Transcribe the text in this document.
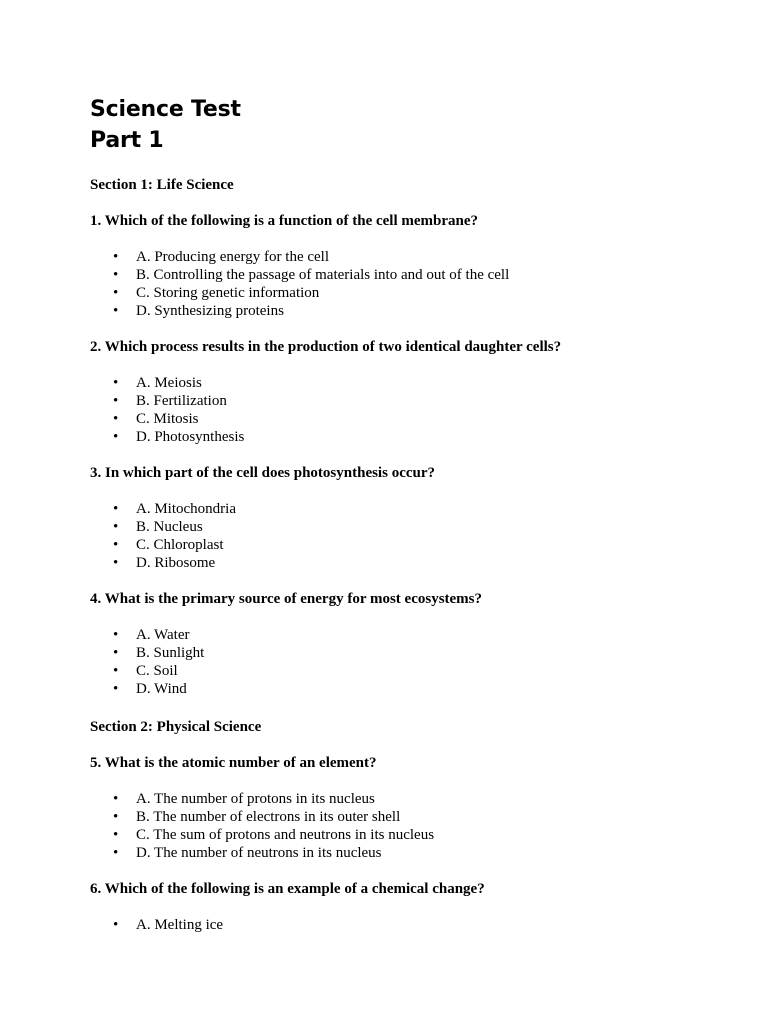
Science Test
Part 1

Section 1: Life Science

1. Which of the following is a function of the cell membrane?

• A. Producing energy for the cell
• B. Controlling the passage of materials into and out of the cell
• C. Storing genetic information
• D. Synthesizing proteins

2. Which process results in the production of two identical daughter cells?

• A. Meiosis
• B. Fertilization
• C. Mitosis
• D. Photosynthesis

3. In which part of the cell does photosynthesis occur?

• A. Mitochondria
• B. Nucleus
• C. Chloroplast
• D. Ribosome

4. What is the primary source of energy for most ecosystems?

• A. Water
• B. Sunlight
• C. Soil
• D. Wind

Section 2: Physical Science

5. What is the atomic number of an element?

• A. The number of protons in its nucleus
• B. The number of electrons in its outer shell
• C. The sum of protons and neutrons in its nucleus
• D. The number of neutrons in its nucleus

6. Which of the following is an example of a chemical change?

• A. Melting ice
